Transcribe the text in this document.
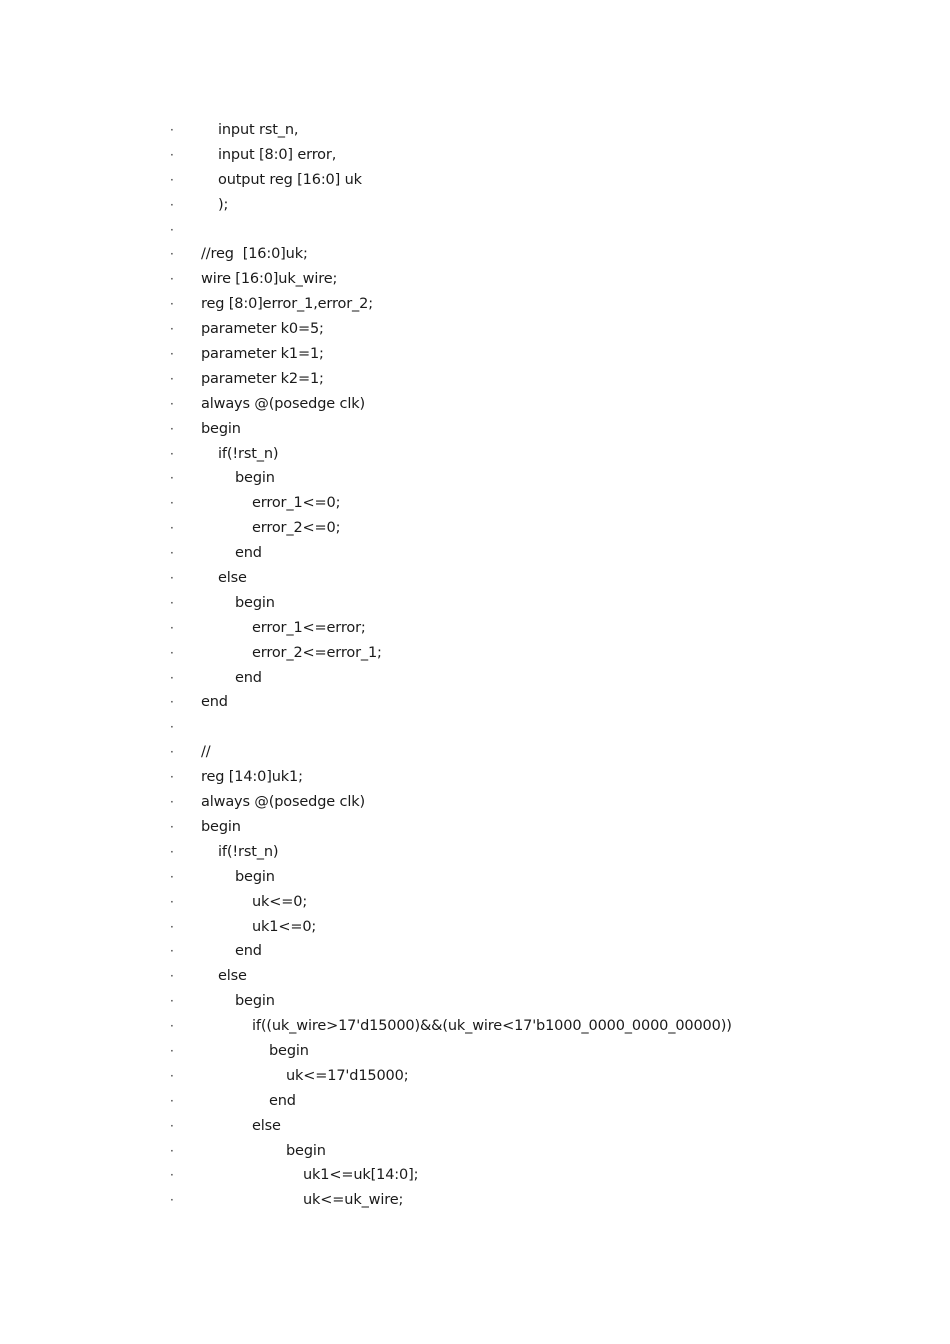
·	input rst_n,
·	input [8:0] error,
·	output reg [16:0] uk
·	);
·
·	//reg  [16:0]uk;
·	wire [16:0]uk_wire;
·	reg [8:0]error_1,error_2;
·	parameter k0=5;
·	parameter k1=1;
·	parameter k2=1;
·	always @(posedge clk)
·	begin
·	if(!rst_n)
·	begin
·	error_1<=0;
·	error_2<=0;
·	end
·	else
·	begin
·	error_1<=error;
·	error_2<=error_1;
·	end
·	end
·
·	//
·	reg [14:0]uk1;
·	always @(posedge clk)
·	begin
·	if(!rst_n)
·	begin
·	uk<=0;
·	uk1<=0;
·	end
·	else
·	begin
·	if((uk_wire>17'd15000)&&(uk_wire<17'b1000_0000_0000_00000))
·	begin
·	uk<=17'd15000;
·	end
·	else
·	begin
·	uk1<=uk[14:0];
·	uk<=uk_wire;
